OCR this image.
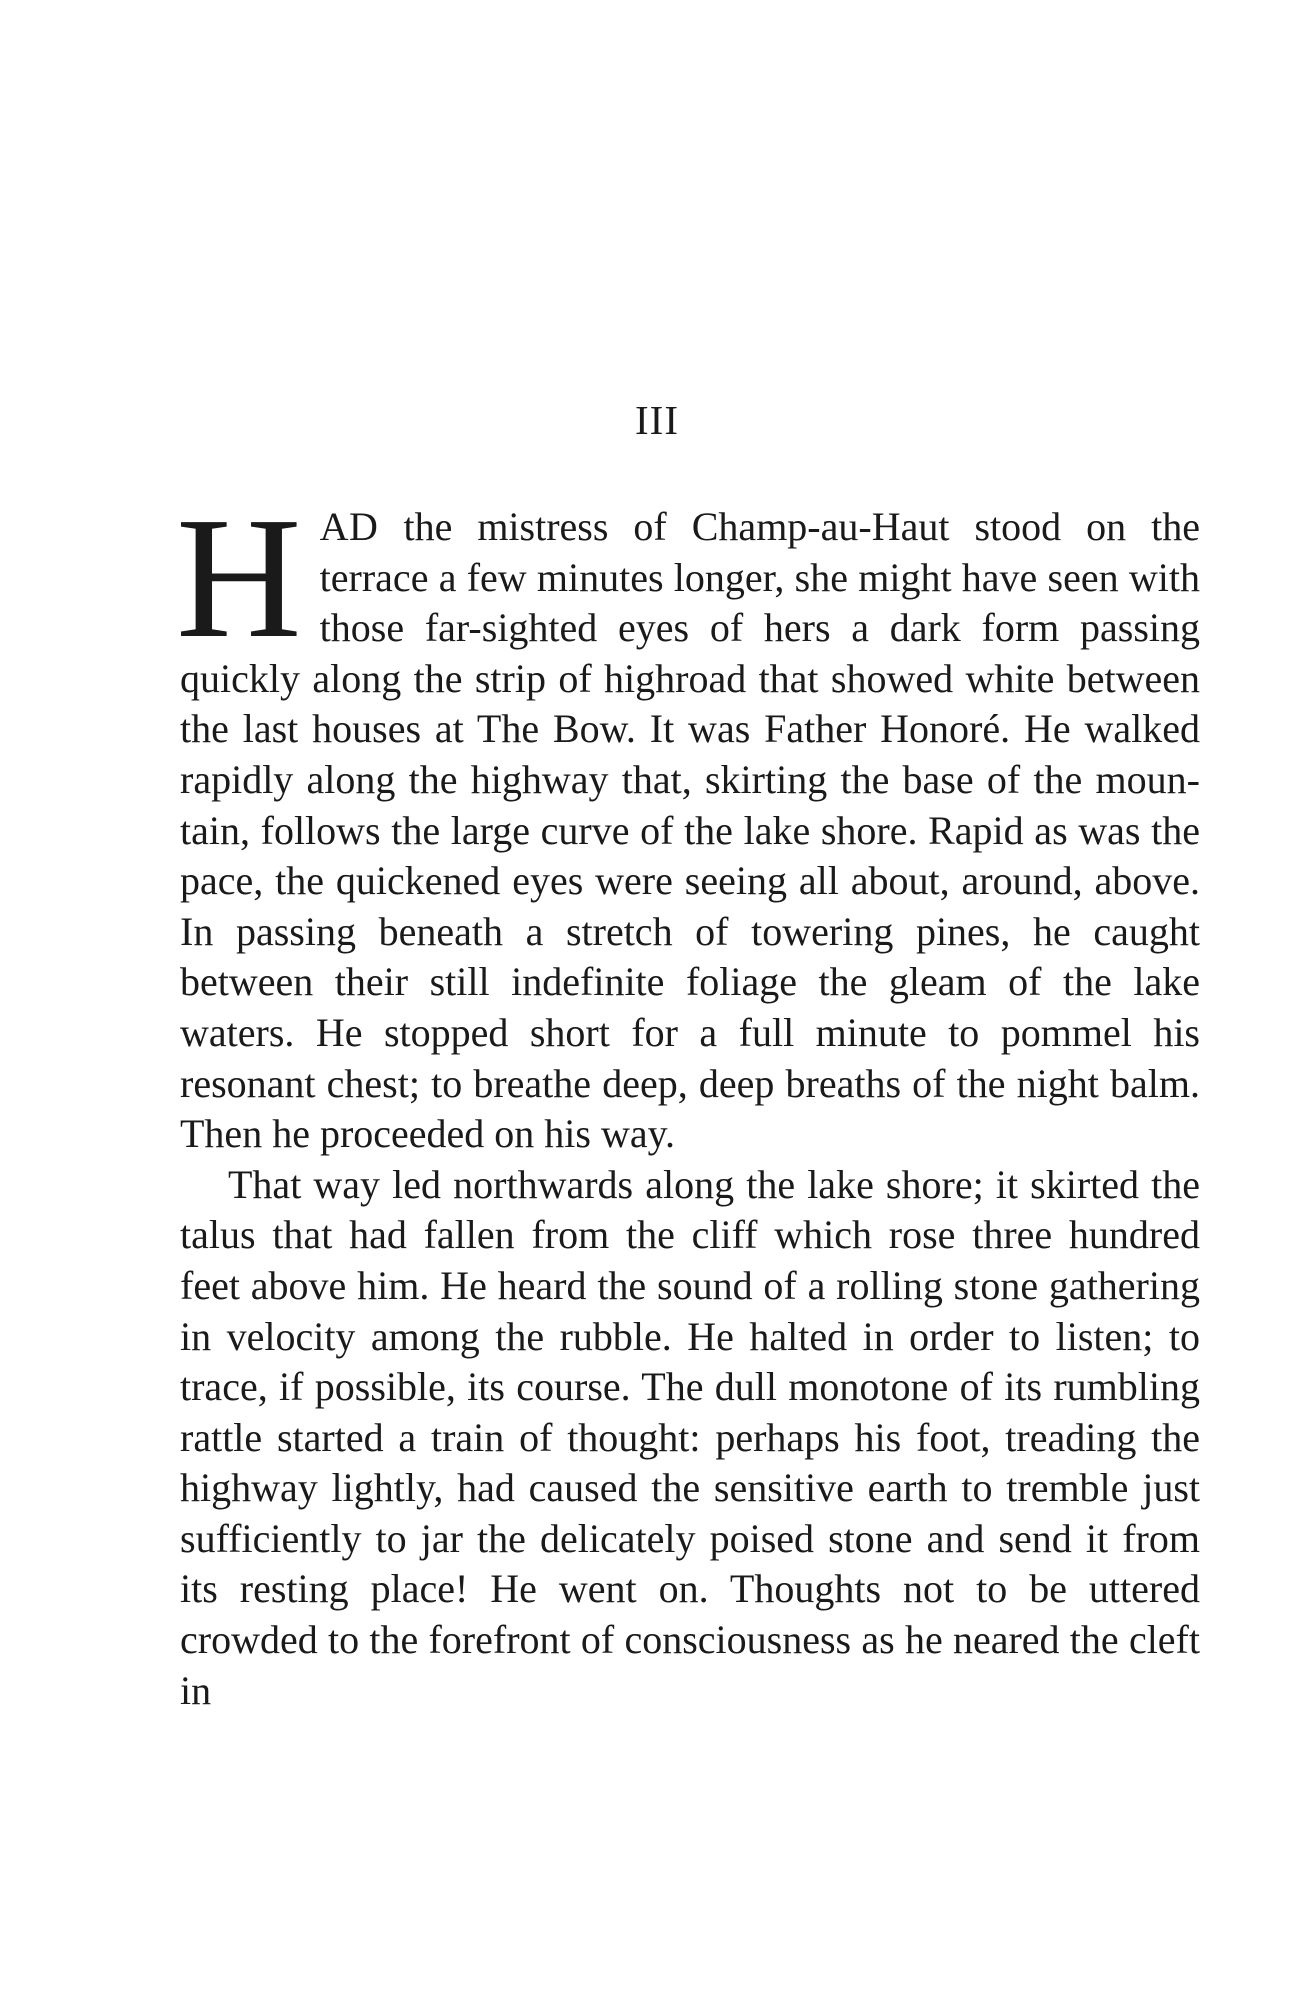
III

HAD the mistress of Champ-au-Haut stood on the terrace a few minutes longer, she might have seen with those far-sighted eyes of hers a dark form passing quickly along the strip of highroad that showed white between the last houses at The Bow. It was Father Honoré. He walked rapidly along the highway that, skirting the base of the mountain, follows the large curve of the lake shore. Rapid as was the pace, the quickened eyes were seeing all about, around, above. In passing beneath a stretch of towering pines, he caught between their still indefinite foliage the gleam of the lake waters. He stopped short for a full minute to pommel his resonant chest; to breathe deep, deep breaths of the night balm. Then he proceeded on his way.

That way led northwards along the lake shore; it skirted the talus that had fallen from the cliff which rose three hundred feet above him. He heard the sound of a rolling stone gathering in velocity among the rubble. He halted in order to listen; to trace, if possible, its course. The dull monotone of its rumbling rattle started a train of thought: perhaps his foot, treading the highway lightly, had caused the sensitive earth to tremble just sufficiently to jar the delicately poised stone and send it from its resting place! He went on. Thoughts not to be uttered crowded to the forefront of consciousness as he neared the cleft in
